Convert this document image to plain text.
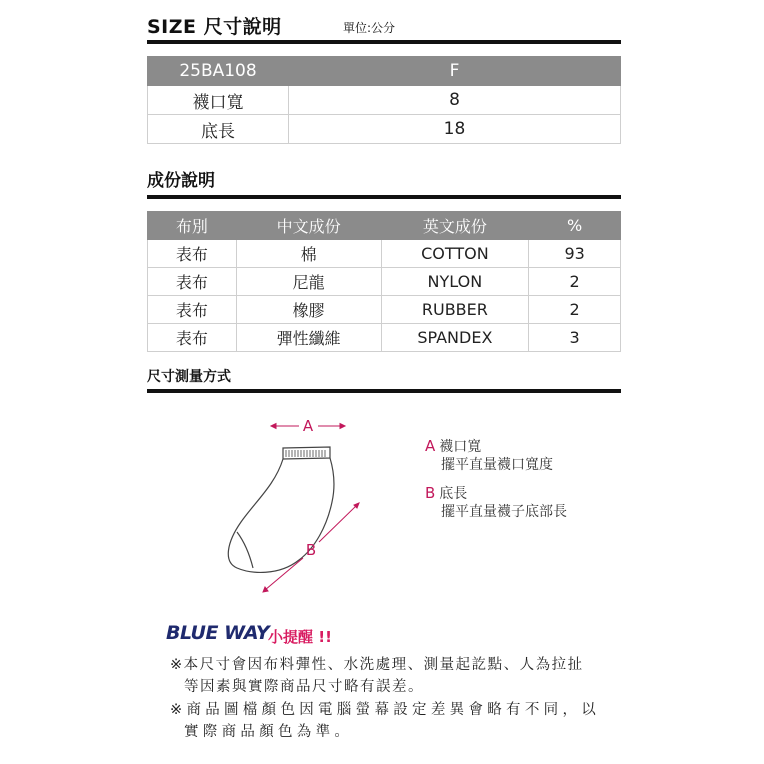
SIZE 尺寸說明	單位:公分
25BA108	F
襪口寬	8
底長	18
成份說明
布別	中文成份	英文成份	%
表布	棉	COTTON	93
表布	尼龍	NYLON	2
表布	橡膠	RUBBER	2
表布	彈性纖維	SPANDEX	3
尺寸測量方式
A
B
A 襪口寬
擺平直量襪口寬度
B 底長
擺平直量襪子底部長
BLUE WAY
小提醒 !!
※本尺寸會因布料彈性、水洗處理、測量起訖點、人為拉扯
等因素與實際商品尺寸略有誤差。
※商品圖檔顏色因電腦螢幕設定差異會略有不同，以
實際商品顏色為準。
